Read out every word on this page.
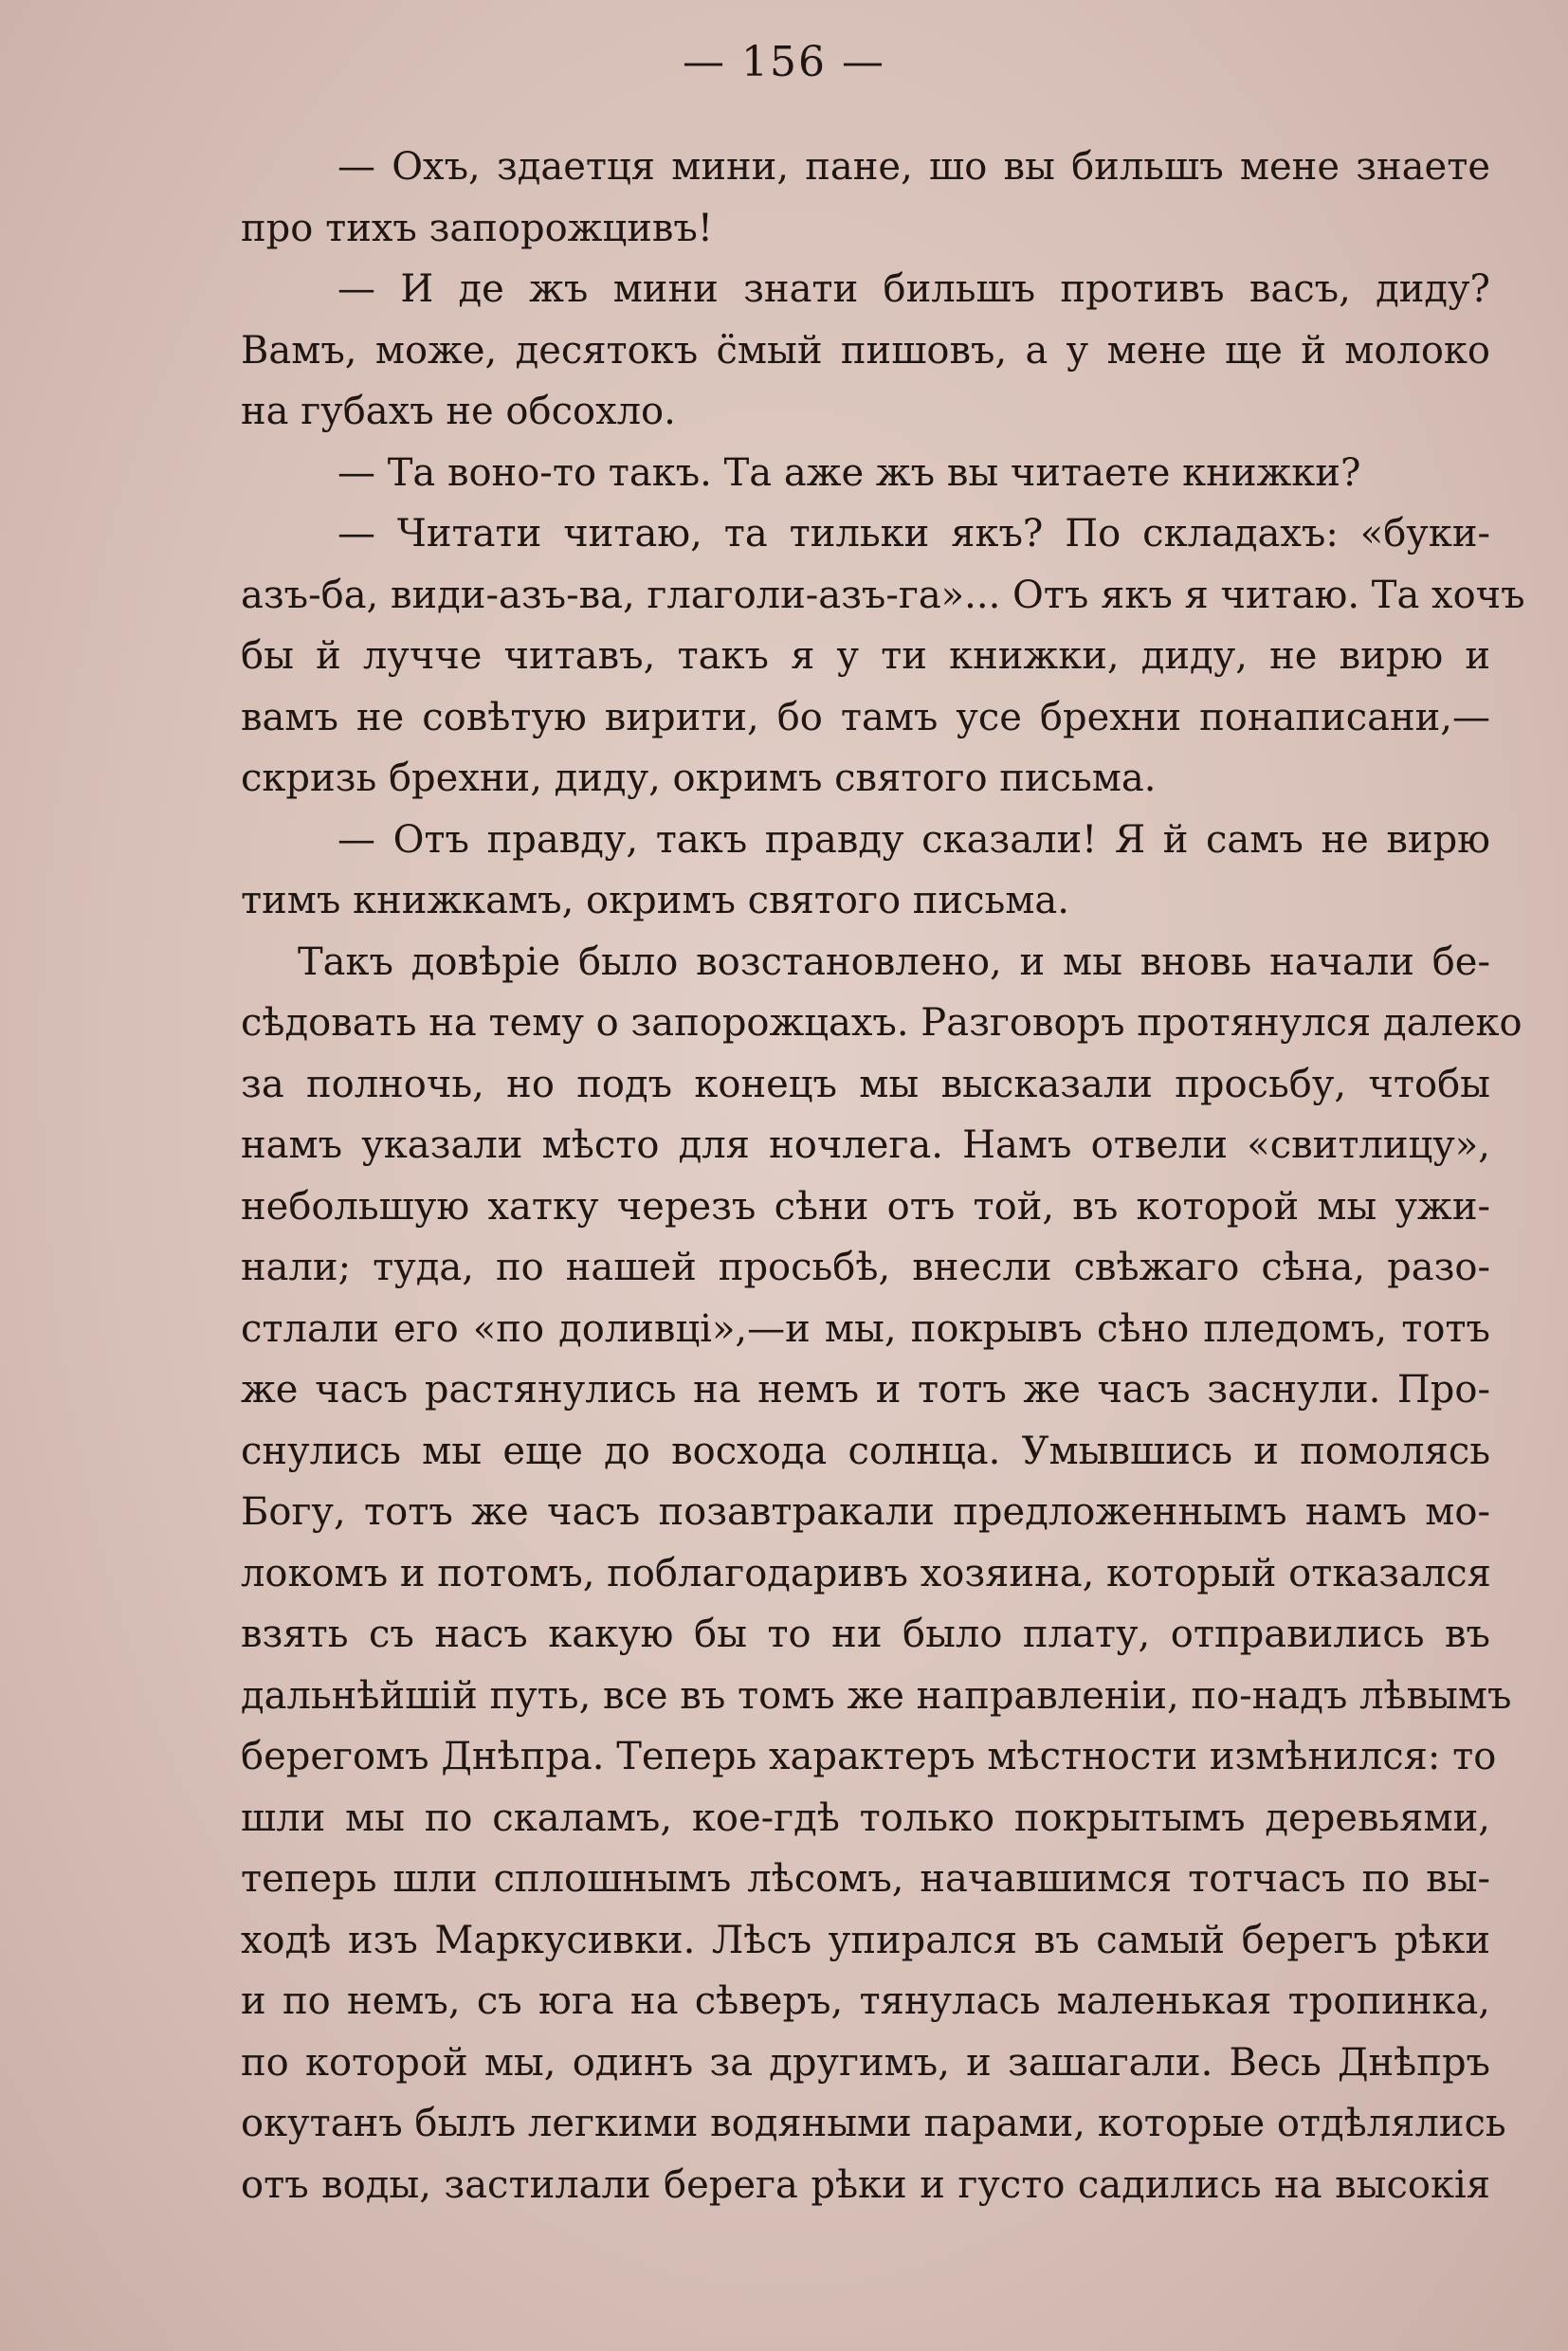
— 156 —
— Охъ, здаетця мини, пане, шо вы бильшъ мене знаете
про тихъ запорожцивъ!
— И де жъ мини знати бильшъ противъ васъ, диду?
Вамъ, може, десятокъ с̈мый пишовъ, а у мене ще й молоко
на губахъ не обсохло.
— Та воно-то такъ. Та аже жъ вы читаете книжки?
— Читати читаю, та тильки якъ? По складахъ: «буки-
азъ-ба, види-азъ-ва, глаголи-азъ-га»... Отъ якъ я читаю. Та хочъ
бы й лучче читавъ, такъ я у ти книжки, диду, не вирю и
вамъ не совѣтую вирити, бо тамъ усе брехни понаписани,—
скризь брехни, диду, окримъ святого письма.
— Отъ правду, такъ правду сказали! Я й самъ не вирю
тимъ книжкамъ, окримъ святого письма.
Такъ довѣріе было возстановлено, и мы вновь начали бе-
сѣдовать на тему о запорожцахъ. Разговоръ протянулся далеко
за полночь, но подъ конецъ мы высказали просьбу, чтобы
намъ указали мѣсто для ночлега. Намъ отвели «свитлицу»,
небольшую хатку черезъ сѣни отъ той, въ которой мы ужи-
нали; туда, по нашей просьбѣ, внесли свѣжаго сѣна, разо-
стлали его «по доливці»,—и мы, покрывъ сѣно пледомъ, тотъ
же часъ растянулись на немъ и тотъ же часъ заснули. Про-
снулись мы еще до восхода солнца. Умывшись и помолясь
Богу, тотъ же часъ позавтракали предложеннымъ намъ мо-
локомъ и потомъ, поблагодаривъ хозяина, который отказался
взять съ насъ какую бы то ни было плату, отправились въ
дальнѣйшій путь, все въ томъ же направленіи, по-надъ лѣвымъ
берегомъ Днѣпра. Теперь характеръ мѣстности измѣнился: то
шли мы по скаламъ, кое-гдѣ только покрытымъ деревьями,
теперь шли сплошнымъ лѣсомъ, начавшимся тотчасъ по вы-
ходѣ изъ Маркусивки. Лѣсъ упирался въ самый берегъ рѣки
и по немъ, съ юга на сѣверъ, тянулась маленькая тропинка,
по которой мы, одинъ за другимъ, и зашагали. Весь Днѣпръ
окутанъ былъ легкими водяными парами, которые отдѣлялись
отъ воды, застилали берега рѣки и густо садились на высокія
